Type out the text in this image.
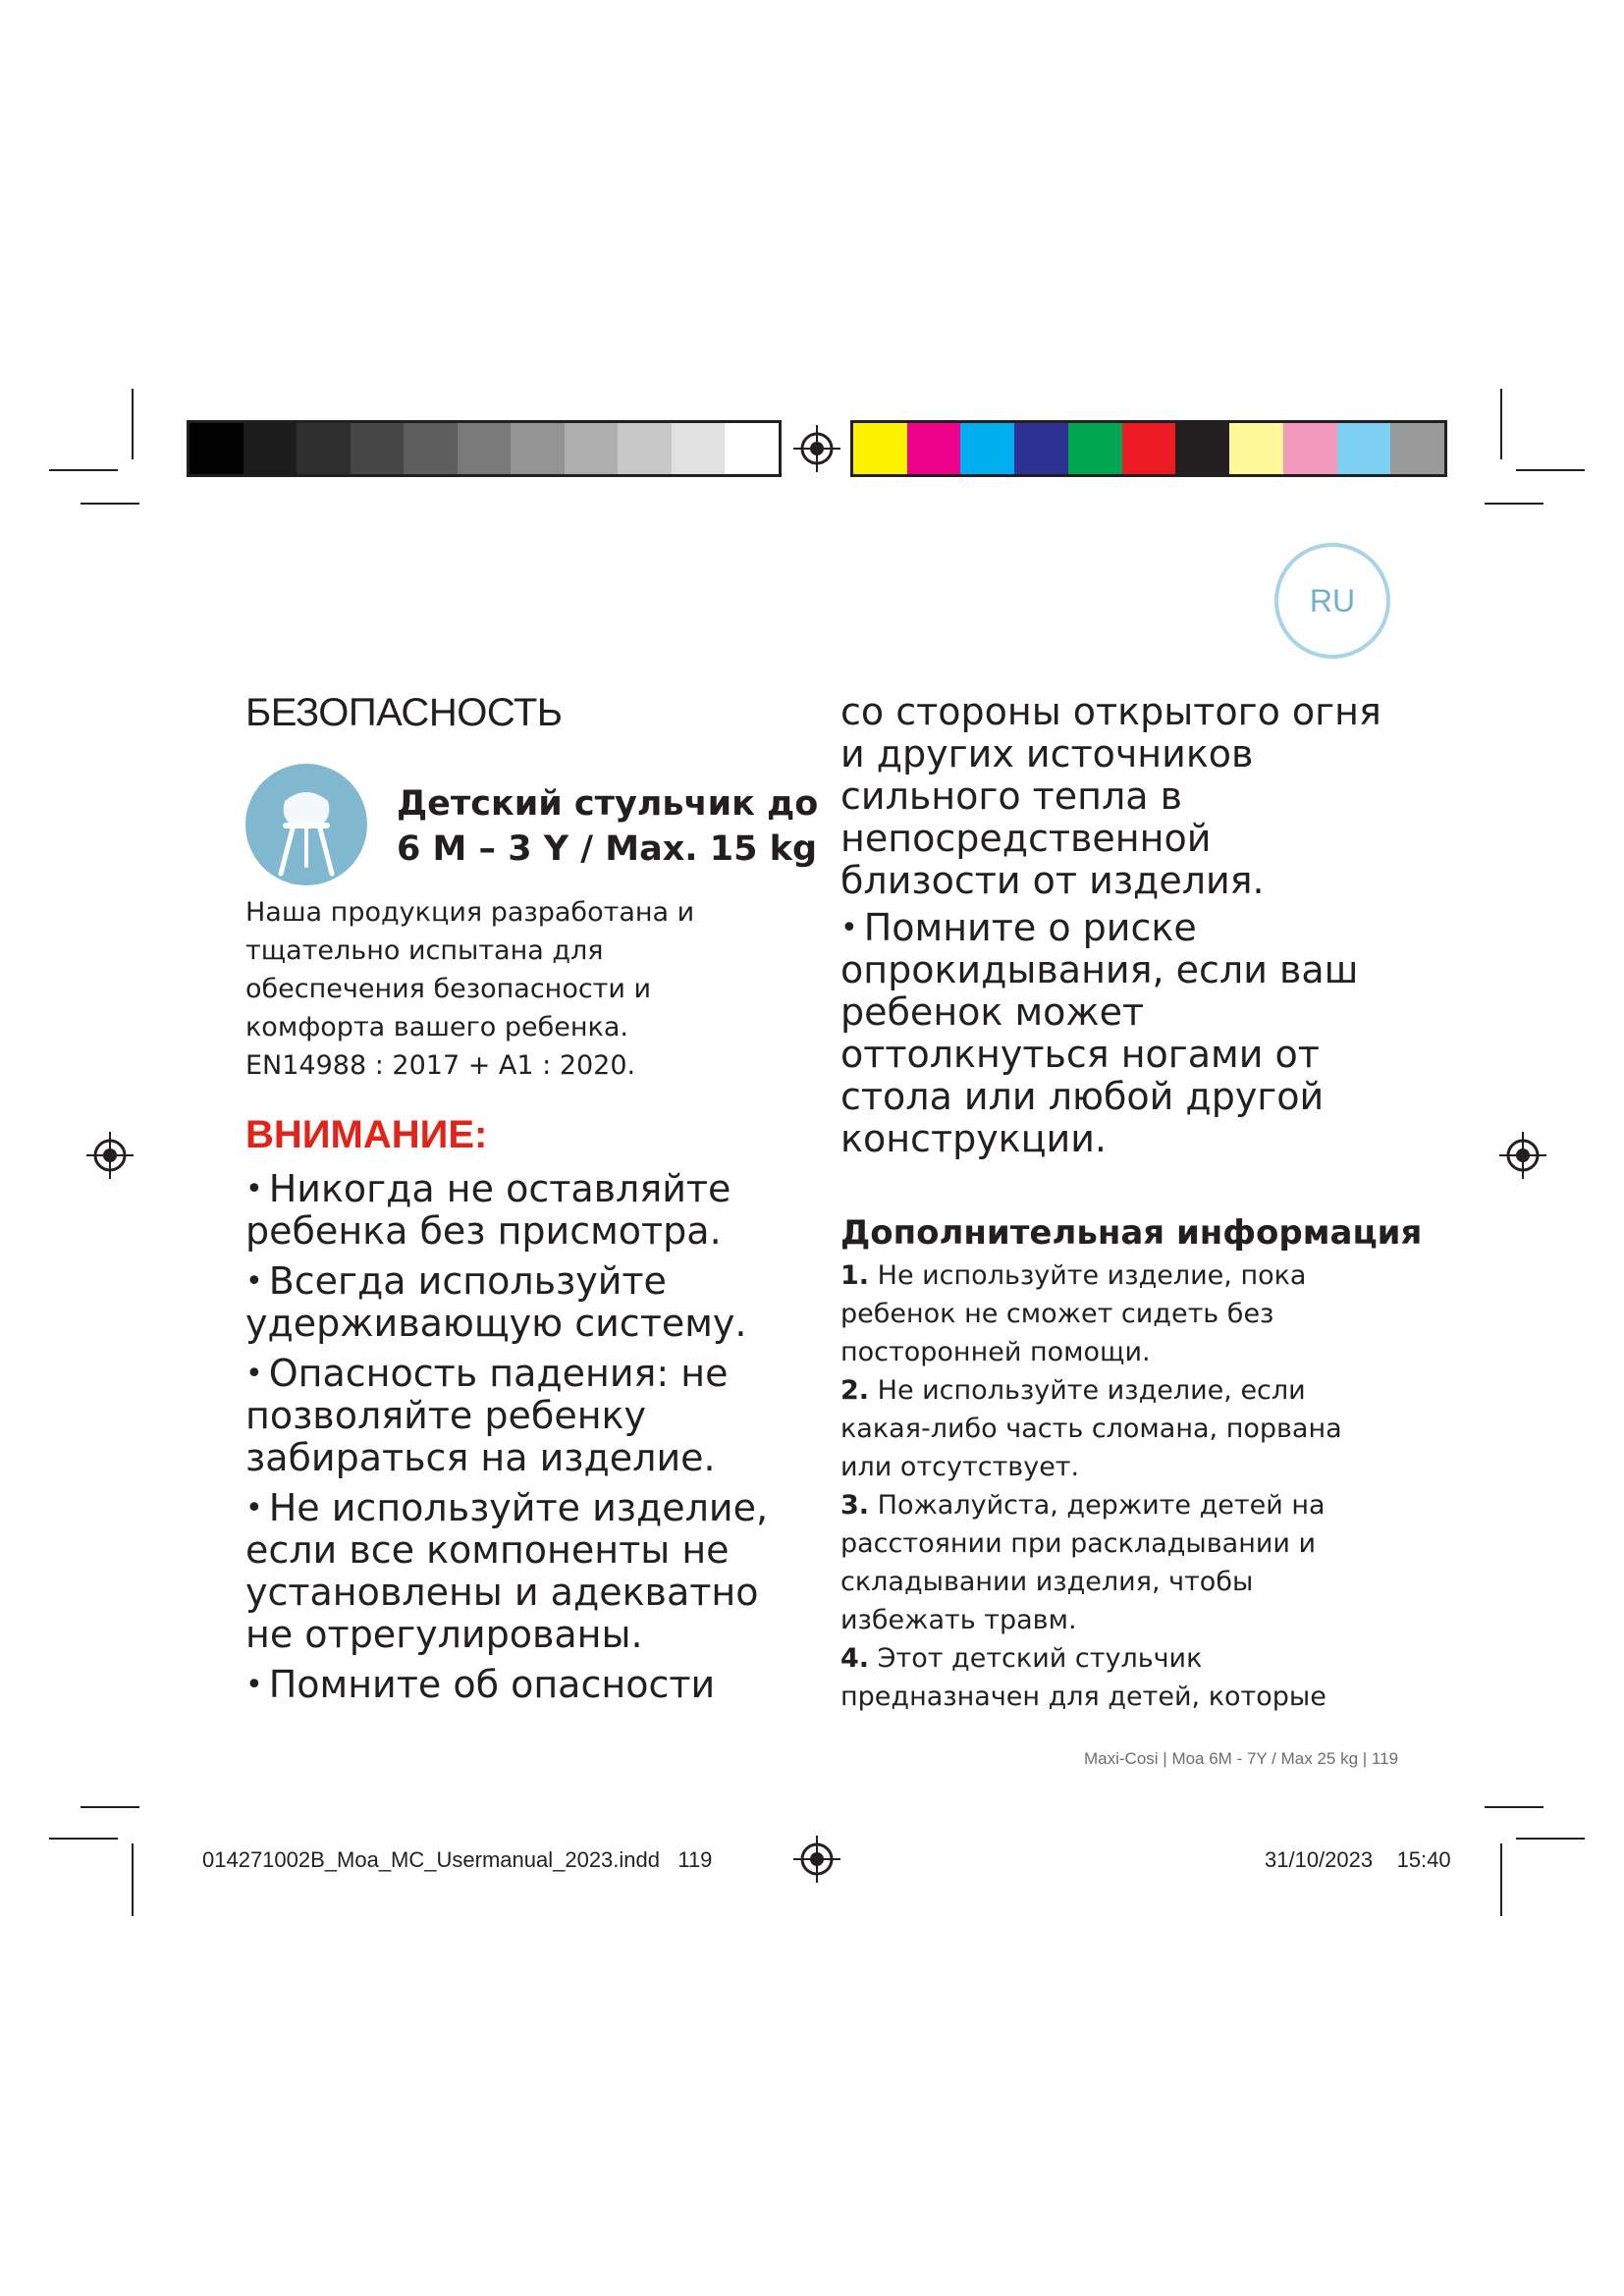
RU
БЕЗОПАСНОСТЬ
Детский стульчик до
6 M – 3 Y / Max. 15 kg
Наша продукция разработана и тщательно испытана для обеспечения безопасности и комфорта вашего ребенка. EN14988 : 2017 + A1 : 2020.
ВНИМАНИЕ:
• Никогда не оставляйте ребенка без присмотра.
• Всегда используйте удерживающую систему.
• Опасность падения: не позволяйте ребенку забираться на изделие.
• Не используйте изделие, если все компоненты не установлены и адекватно не отрегулированы.
• Помните об опасности
со стороны открытого огня и других источников сильного тепла в непосредственной близости от изделия.
• Помните о риске опрокидывания, если ваш ребенок может оттолкнуться ногами от стола или любой другой конструкции.
Дополнительная информация
1. Не используйте изделие, пока ребенок не сможет сидеть без посторонней помощи.
2. Не используйте изделие, если какая-либо часть сломана, порвана или отсутствует.
3. Пожалуйста, держите детей на расстоянии при раскладывании и складывании изделия, чтобы избежать травм.
4. Этот детский стульчик предназначен для детей, которые
Maxi-Cosi | Moa 6M - 7Y / Max 25 kg | 119
014271002B_Moa_MC_Usermanual_2023.indd 119	31/10/2023 15:40
